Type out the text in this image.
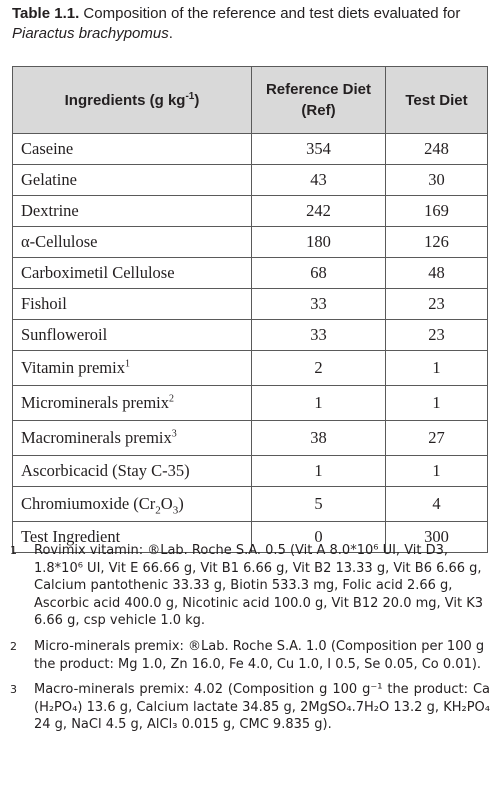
Table 1.1. Composition of the reference and test diets evaluated for Piaractus brachypomus.
Ingredients (g $kg^{-1}$)	Reference Diet (Ref)	Test Diet
Caseine	354	248
Gelatine	43	30
Dextrine	242	169
α-Cellulose	180	126
Carboximetil Cellulose	68	48
Fishoil	33	23
Sunfloweroil	33	23
Vitamin premix$^1$	2	1
Microminerals premix$^2$	1	1
Macrominerals premix$^3$	38	27
Ascorbicacid (Stay C-35)	1	1
Chromiumoxide $(Cr_2O_3)$	5	4
Test Ingredient	0	300
1 Rovimix vitamin: ®Lab. Roche S.A. 0.5 (Vit A 8.0*10⁶ UI, Vit D3, 1.8*10⁶ UI, Vit E 66.66 g, Vit B1 6.66 g, Vit B2 13.33 g, Vit B6 6.66 g, Calcium pantothenic 33.33 g, Biotin 533.3 mg, Folic acid 2.66 g, Ascorbic acid 400.0 g, Nicotinic acid 100.0 g, Vit B12 20.0 mg, Vit K3 6.66 g, csp vehicle 1.0 kg.
2 Micro-minerals premix: ®Lab. Roche S.A. 1.0 (Composition per 100 g the product: Mg 1.0, Zn 16.0, Fe 4.0, Cu 1.0, I 0.5, Se 0.05, Co 0.01).
3 Macro-minerals premix: 4.02 (Composition g 100 g⁻¹ the product: Ca (H₂PO₄) 13.6 g, Calcium lactate 34.85 g, 2MgSO₄.7H₂O 13.2 g, KH₂PO₄ 24 g, NaCl 4.5 g, AlCl₃ 0.015 g, CMC 9.835 g).
